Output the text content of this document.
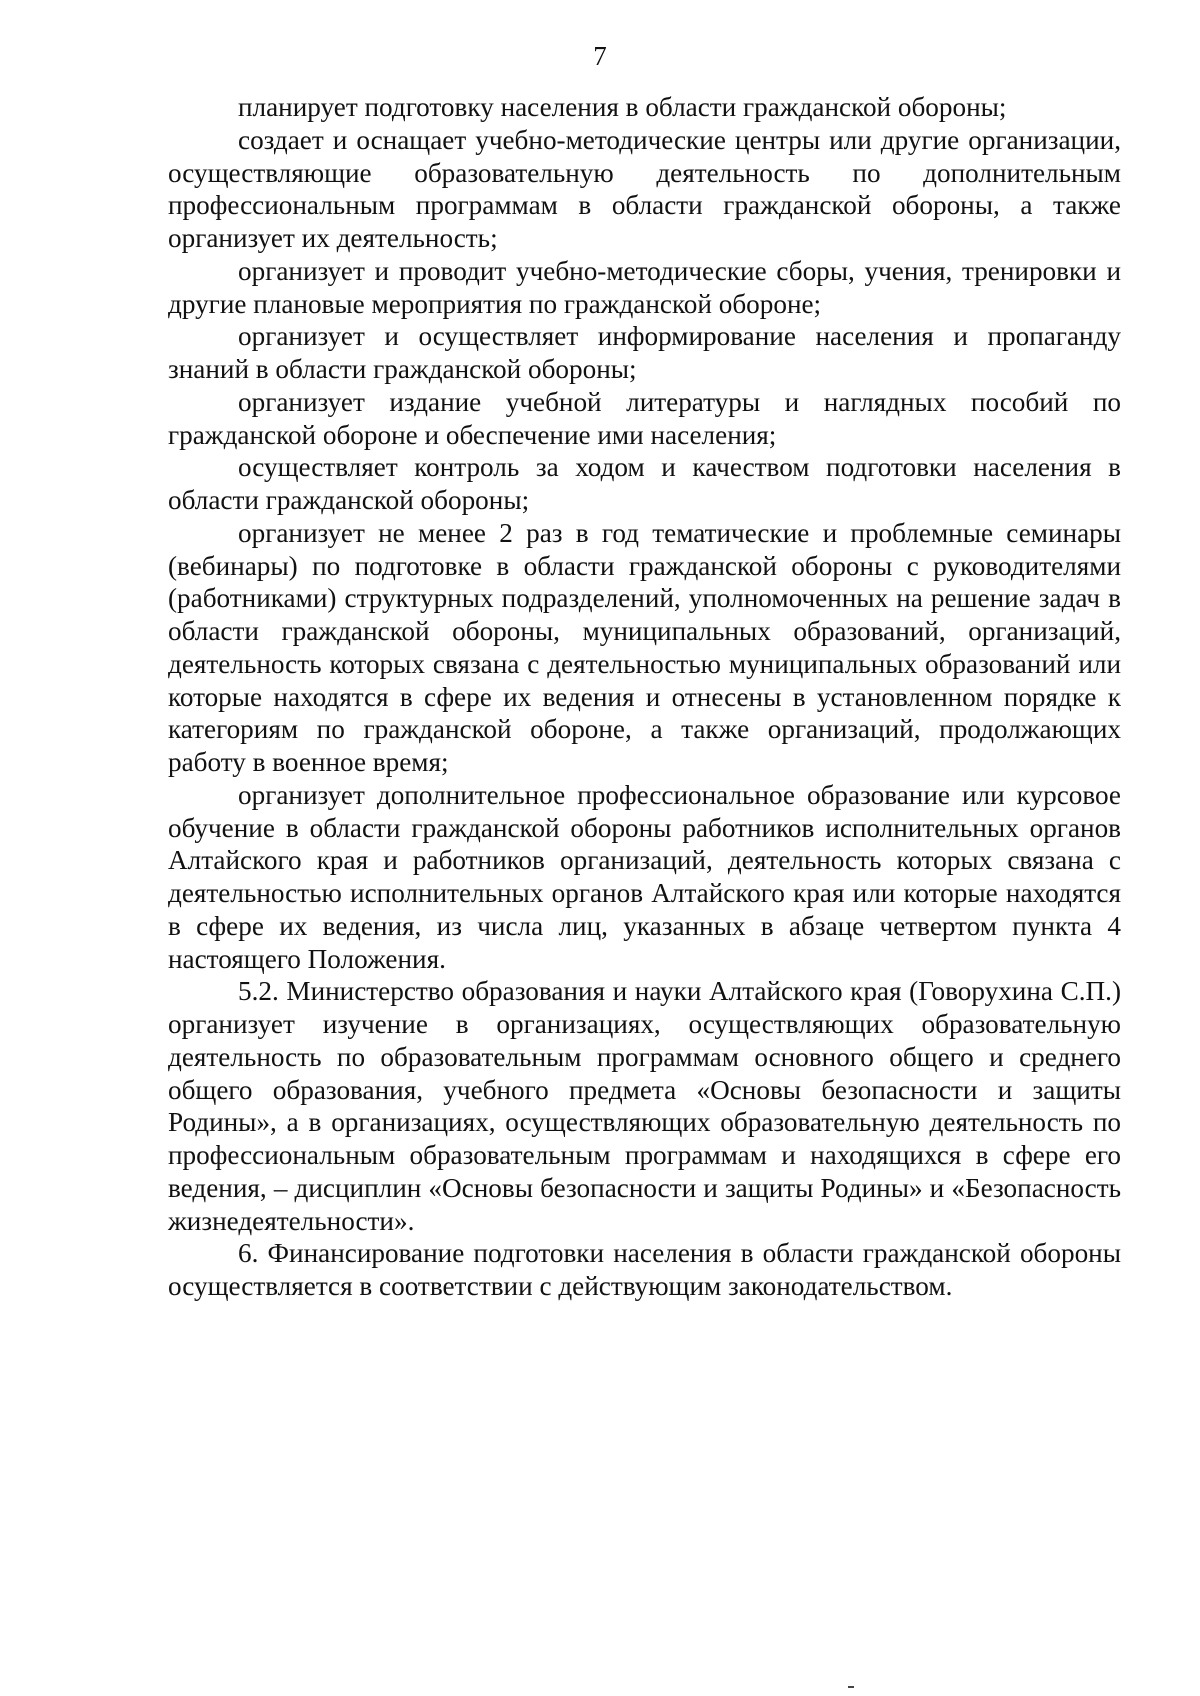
7

планирует подготовку населения в области гражданской обороны;

создает и оснащает учебно-методические центры или другие организации, осуществляющие образовательную деятельность по дополнительным профессиональным программам в области гражданской обороны, а также организует их деятельность;

организует и проводит учебно-методические сборы, учения, тренировки и другие плановые мероприятия по гражданской обороне;

организует и осуществляет информирование населения и пропаганду знаний в области гражданской обороны;

организует издание учебной литературы и наглядных пособий по гражданской обороне и обеспечение ими населения;

осуществляет контроль за ходом и качеством подготовки населения в области гражданской обороны;

организует не менее 2 раз в год тематические и проблемные семинары (вебинары) по подготовке в области гражданской обороны с руководителями (работниками) структурных подразделений, уполномоченных на решение задач в области гражданской обороны, муниципальных образований, организаций, деятельность которых связана с деятельностью муниципальных образований или которые находятся в сфере их ведения и отнесены в установленном порядке к категориям по гражданской обороне, а также организаций, продолжающих работу в военное время;

организует дополнительное профессиональное образование или курсовое обучение в области гражданской обороны работников исполнительных органов Алтайского края и работников организаций, деятельность которых связана с деятельностью исполнительных органов Алтайского края или которые находятся в сфере их ведения, из числа лиц, указанных в абзаце четвертом пункта 4 настоящего Положения.

5.2. Министерство образования и науки Алтайского края (Говорухина С.П.) организует изучение в организациях, осуществляющих образовательную деятельность по образовательным программам основного общего и среднего общего образования, учебного предмета «Основы безопасности и защиты Родины», а в организациях, осуществляющих образовательную деятельность по профессиональным образовательным программам и находящихся в сфере его ведения, – дисциплин «Основы безопасности и защиты Родины» и «Безопасность жизнедеятельности».

6. Финансирование подготовки населения в области гражданской обороны осуществляется в соответствии с действующим законодательством.
